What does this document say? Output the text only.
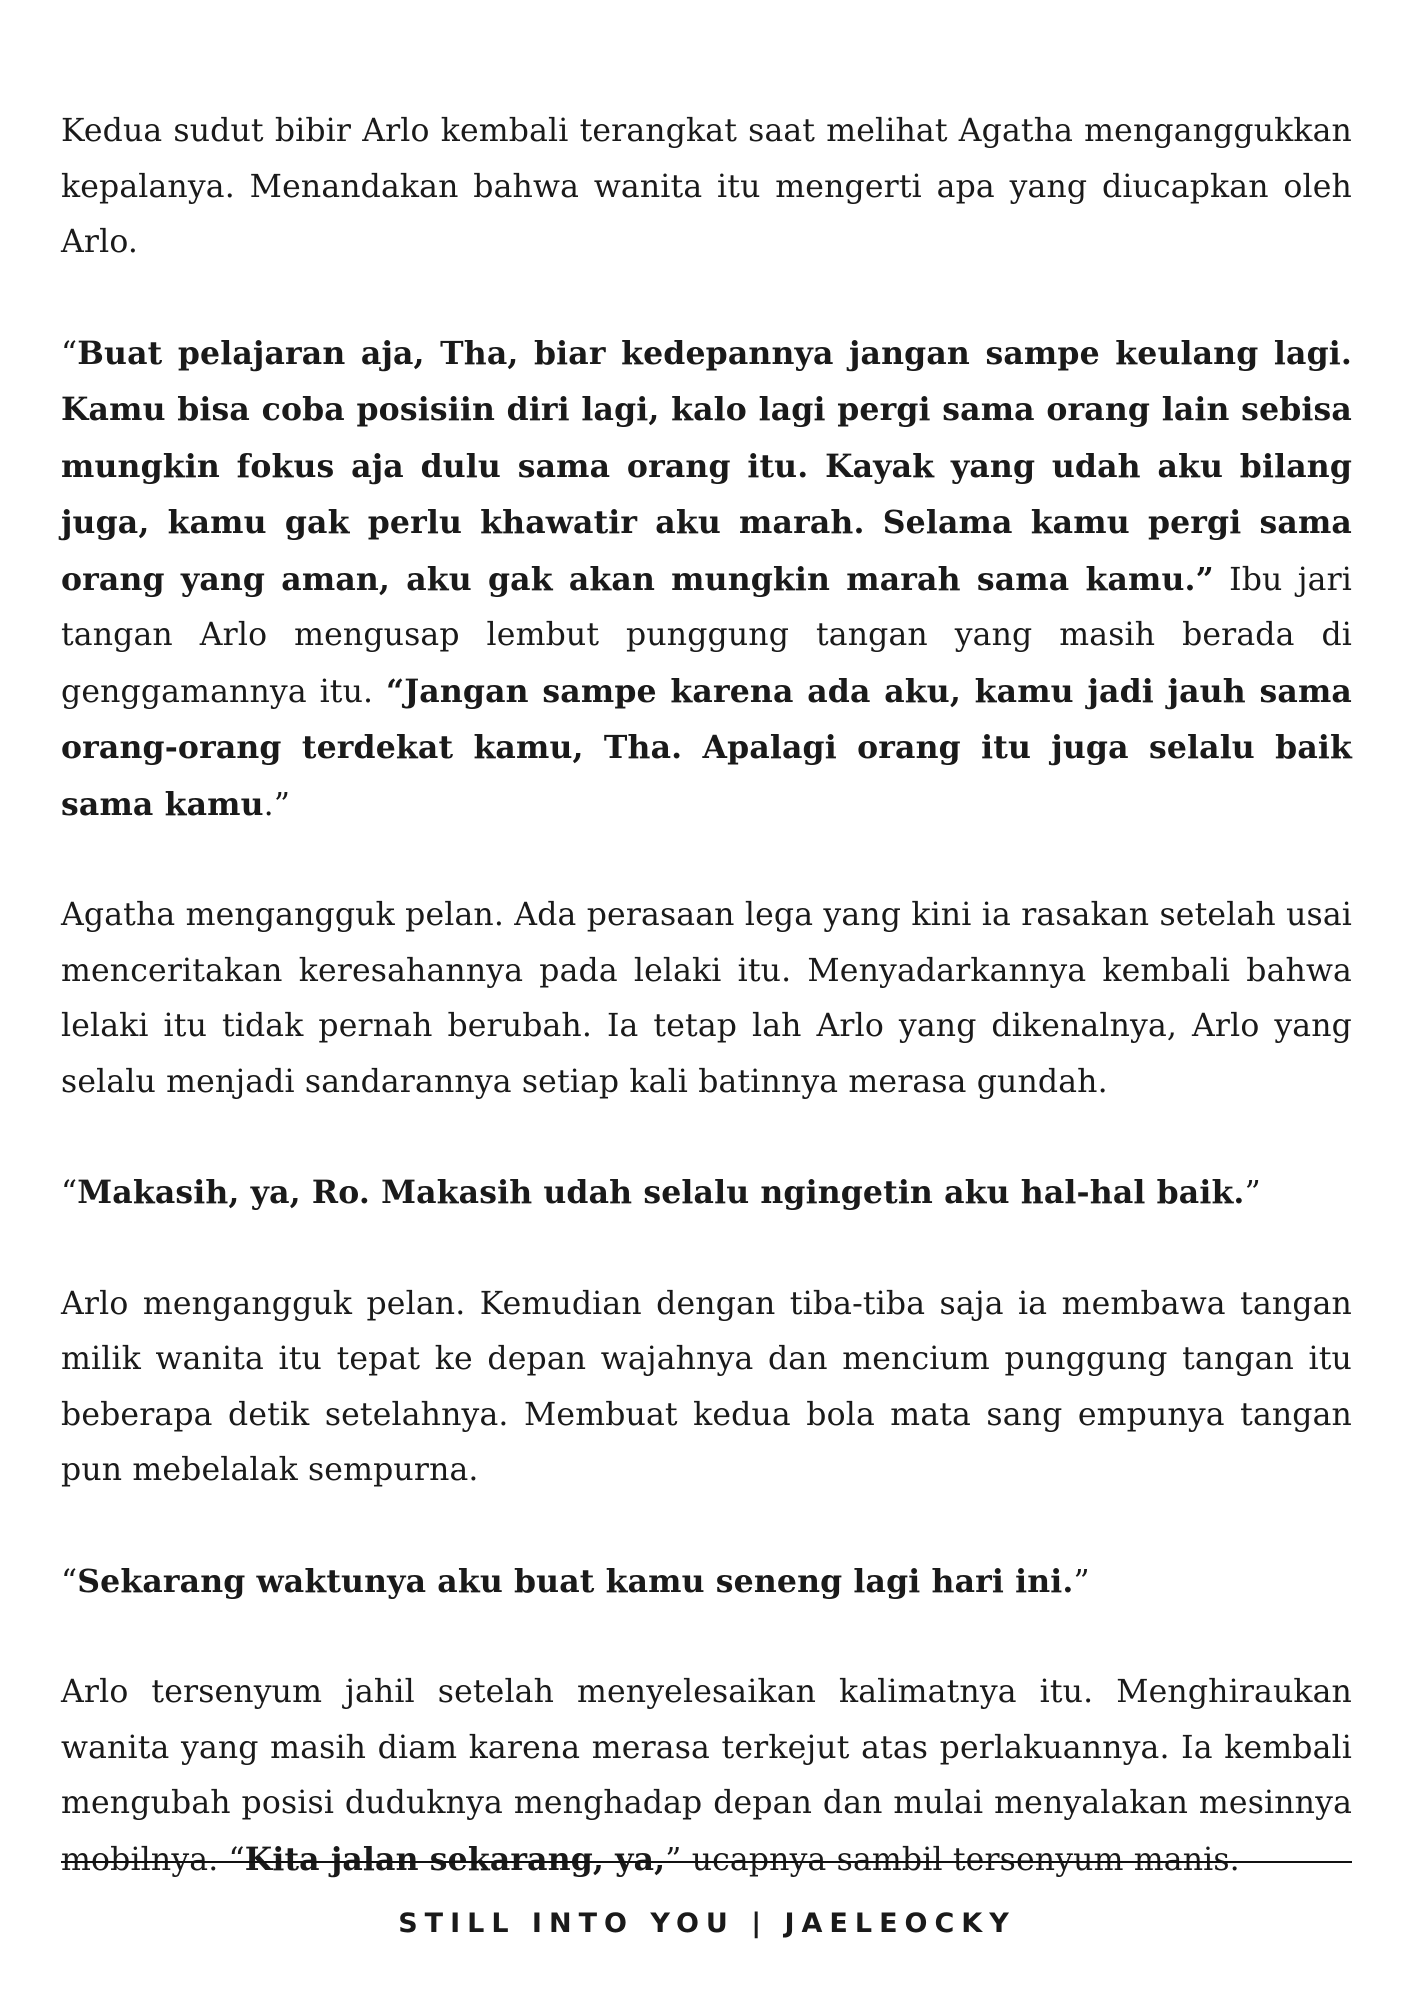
Kedua sudut bibir Arlo kembali terangkat saat melihat Agatha menganggukkan kepalanya. Menandakan bahwa wanita itu mengerti apa yang diucapkan oleh Arlo.

“Buat pelajaran aja, Tha, biar kedepannya jangan sampe keulang lagi. Kamu bisa coba posisiin diri lagi, kalo lagi pergi sama orang lain sebisa mungkin fokus aja dulu sama orang itu. Kayak yang udah aku bilang juga, kamu gak perlu khawatir aku marah. Selama kamu pergi sama orang yang aman, aku gak akan mungkin marah sama kamu.” Ibu jari tangan Arlo mengusap lembut punggung tangan yang masih berada di genggamannya itu. “Jangan sampe karena ada aku, kamu jadi jauh sama orang-orang terdekat kamu, Tha. Apalagi orang itu juga selalu baik sama kamu.”

Agatha mengangguk pelan. Ada perasaan lega yang kini ia rasakan setelah usai menceritakan keresahannya pada lelaki itu. Menyadarkannya kembali bahwa lelaki itu tidak pernah berubah. Ia tetap lah Arlo yang dikenalnya, Arlo yang selalu menjadi sandarannya setiap kali batinnya merasa gundah.

“Makasih, ya, Ro. Makasih udah selalu ngingetin aku hal-hal baik.”

Arlo mengangguk pelan. Kemudian dengan tiba-tiba saja ia membawa tangan milik wanita itu tepat ke depan wajahnya dan mencium punggung tangan itu beberapa detik setelahnya. Membuat kedua bola mata sang empunya tangan pun mebelalak sempurna.

“Sekarang waktunya aku buat kamu seneng lagi hari ini.”

Arlo tersenyum jahil setelah menyelesaikan kalimatnya itu. Menghiraukan wanita yang masih diam karena merasa terkejut atas perlakuannya. Ia kembali mengubah posisi duduknya menghadap depan dan mulai menyalakan mesinnya mobilnya. “Kita jalan sekarang, ya,” ucapnya sambil tersenyum manis.

STILL INTO YOU | JAELEOCKY
